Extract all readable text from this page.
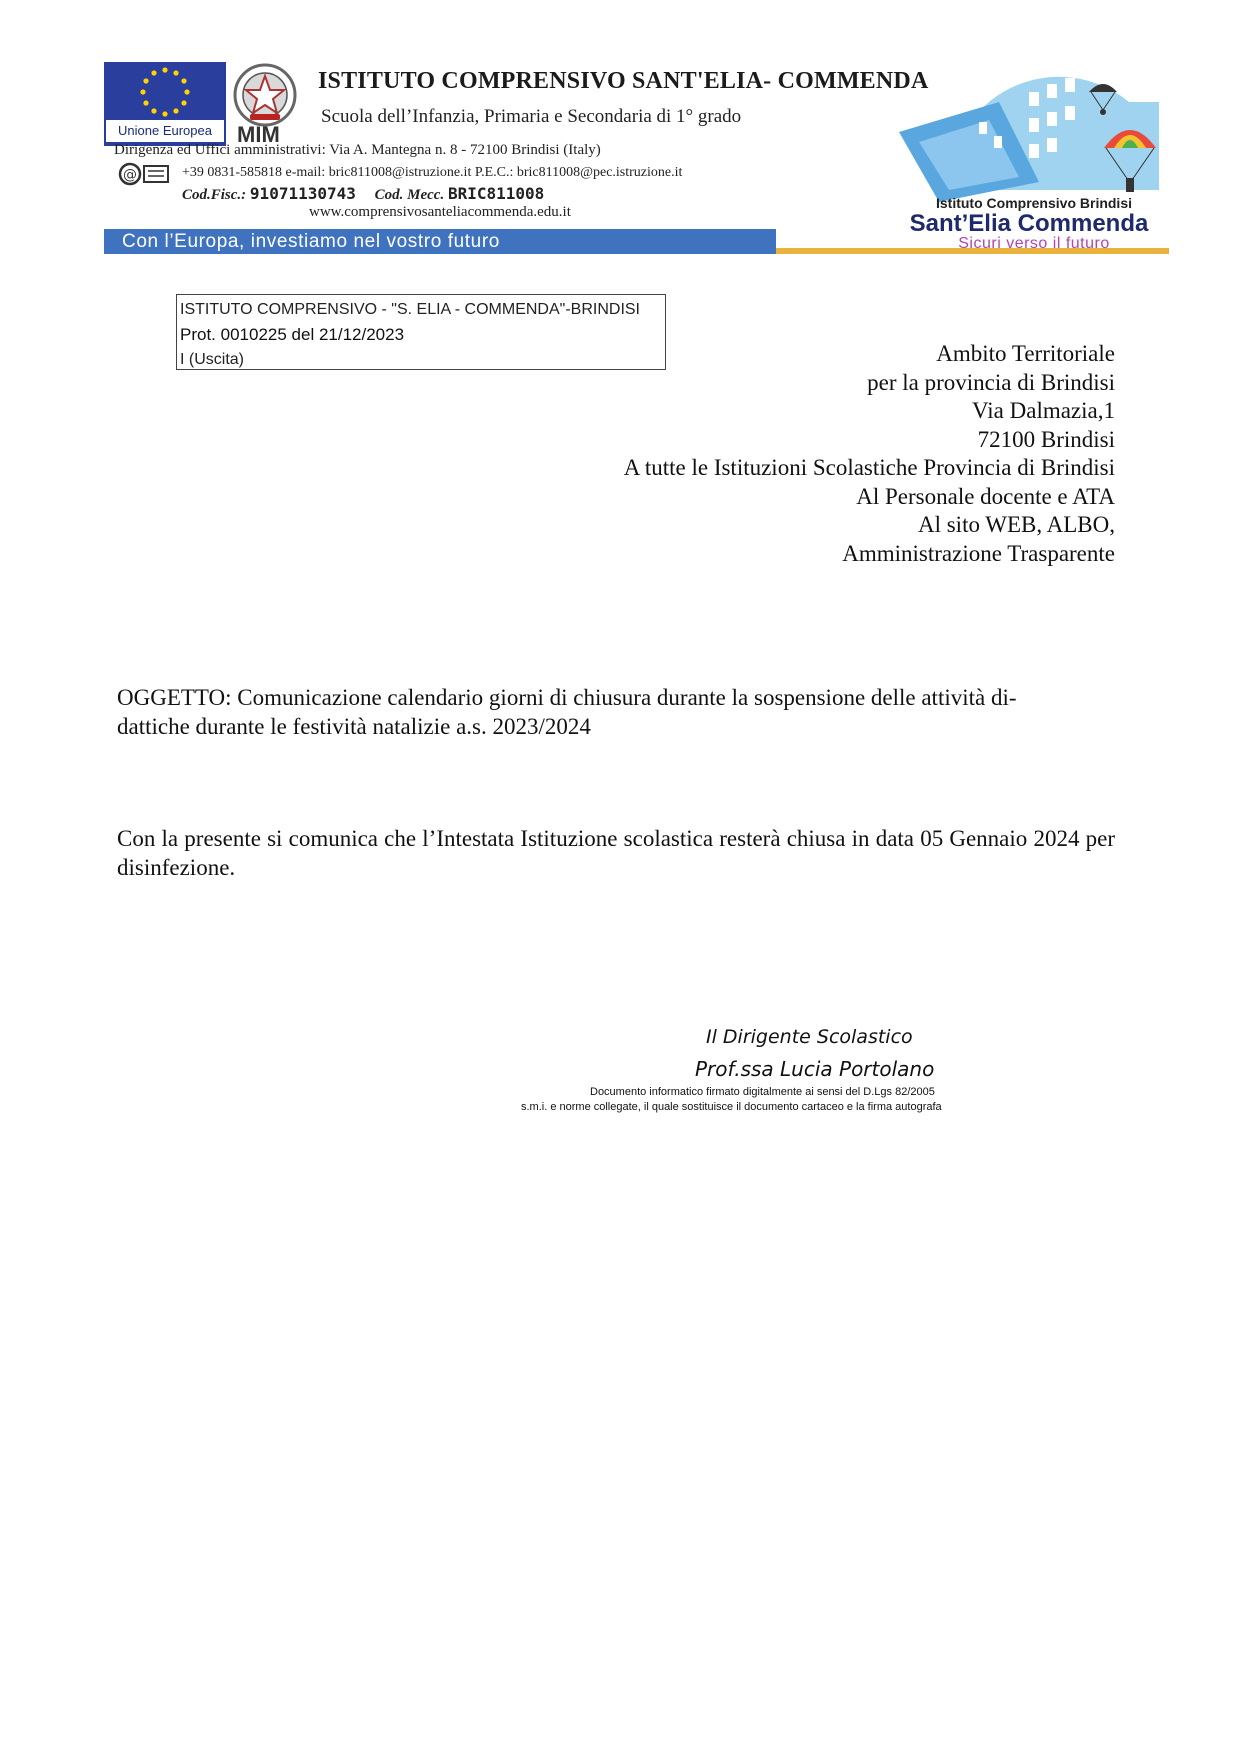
Unione Europea	MIM
ISTITUTO COMPRENSIVO SANT'ELIA- COMMENDA
Scuola dell’Infanzia, Primaria e Secondaria di 1° grado
Dirigenza ed Uffici amministrativi: Via A. Mantegna n. 8 - 72100 Brindisi (Italy)
@	+39 0831-585818 e-mail: bric811008@istruzione.it P.E.C.: bric811008@pec.istruzione.it
Cod.Fisc.: 91071130743 Cod. Mecc. BRIC811008
www.comprensivosanteliacommenda.edu.it
Con l’Europa, investiamo nel vostro futuro
Istituto Comprensivo Brindisi
Sant’Elia Commenda
Sicuri verso il futuro
ISTITUTO COMPRENSIVO - "S. ELIA - COMMENDA"-BRINDISI
Prot. 0010225 del 21/12/2023
I (Uscita)	Ambito Territoriale
per la provincia di Brindisi
Via Dalmazia,1
72100 Brindisi
A tutte le Istituzioni Scolastiche Provincia di Brindisi
Al Personale docente e ATA
Al sito WEB, ALBO,
Amministrazione Trasparente
OGGETTO: Comunicazione calendario giorni di chiusura durante la sospensione delle attività di-
dattiche durante le festività natalizie a.s. 2023/2024
Con la presente si comunica che l’Intestata Istituzione scolastica resterà chiusa in data 05 Gennaio 2024 per disinfezione.
Il Dirigente Scolastico
Prof.ssa Lucia Portolano
Documento informatico firmato digitalmente ai sensi del D.Lgs 82/2005
s.m.i. e norme collegate, il quale sostituisce il documento cartaceo e la firma autografa
